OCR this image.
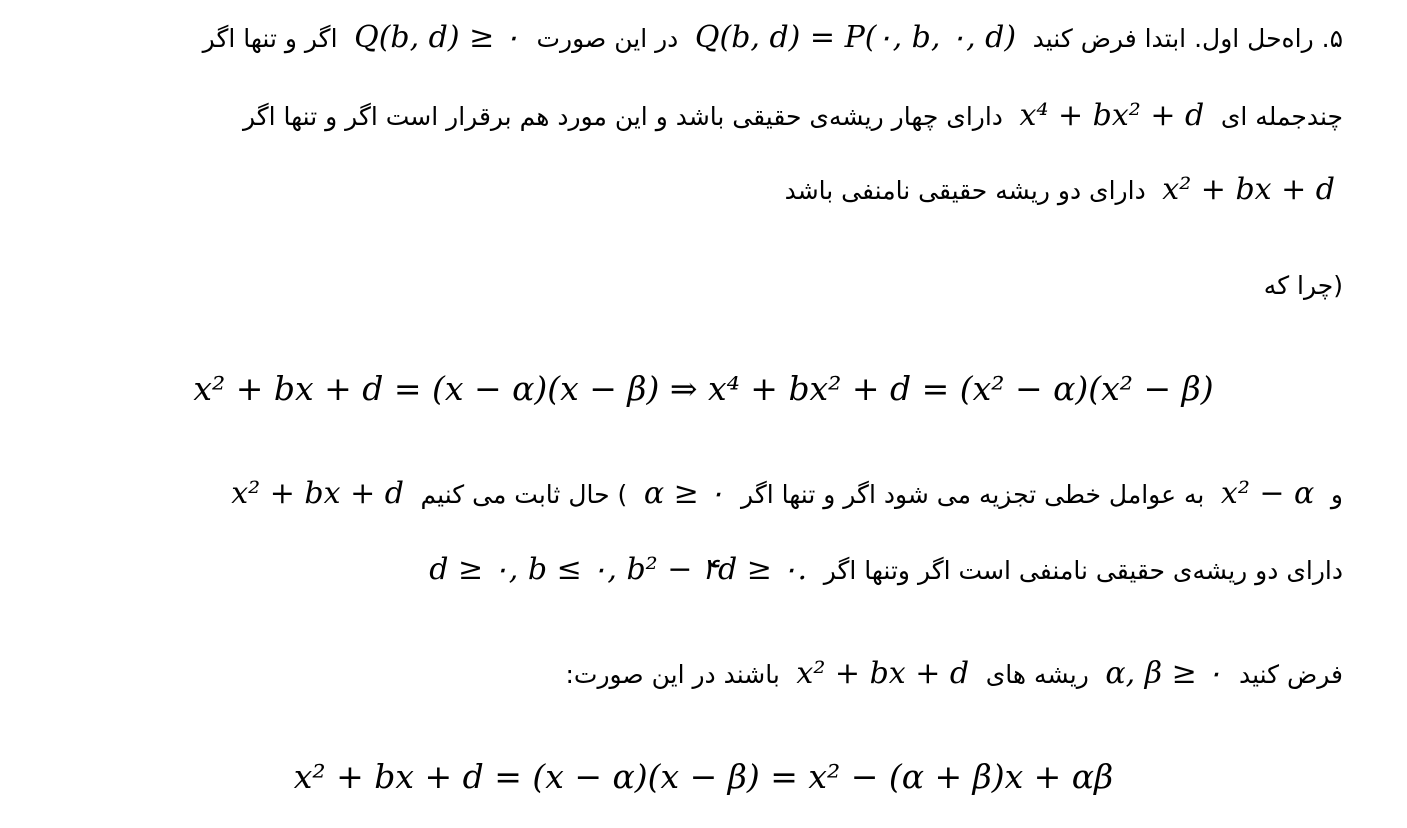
۵. راه‌حل اول. ابتدا فرض کنید Q(b, d) = P(۰, b, ۰, d) در این صورت Q(b, d) ≥ ۰ اگر و تنها اگر
چندجمله ای x⁴ + bx² + d دارای چهار ریشه‌ی حقیقی باشد و این مورد هم برقرار است اگر و تنها اگر
x² + bx + d دارای دو ریشه حقیقی نامنفی باشد
(چرا که
x² + bx + d = (x − α)(x − β) ⇒ x⁴ + bx² + d = (x² − α)(x² − β)
و x² − α به عوامل خطی تجزیه می شود اگر و تنها اگر α ≥ ۰ ) حال ثابت می کنیم x² + bx + d
دارای دو ریشه‌ی حقیقی نامنفی است اگر وتنها اگر d ≥ ۰, b ≤ ۰, b² − ۴d ≥ ۰.
فرض کنید α, β ≥ ۰ ریشه های x² + bx + d باشند در این صورت:
x² + bx + d = (x − α)(x − β) = x² − (α + β)x + αβ
